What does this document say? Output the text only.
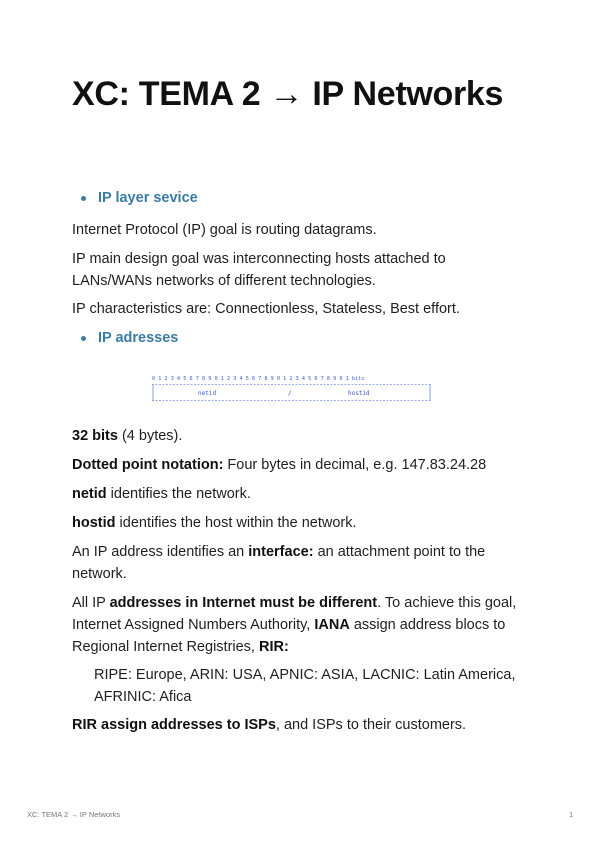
XC: TEMA 2 → IP Networks
IP layer sevice
Internet Protocol (IP) goal is routing datagrams.
IP main design goal was interconnecting hosts attached to LANs/WANs networks of different technologies.
IP characteristics are: Connectionless, Stateless, Best effort.
IP adresses
0 1 2 3 4 5 6 7 8 9 0 1 2 3 4 5 6 7 8 9 0 1 2 3 4 5 6 7 8 9 0 1 bits
netid	/	hostid
32 bits (4 bytes).
Dotted point notation: Four bytes in decimal, e.g. 147.83.24.28
netid identifies the network.
hostid identifies the host within the network.
An IP address identifies an interface: an attachment point to the network.
All IP addresses in Internet must be different. To achieve this goal, Internet Assigned Numbers Authority, IANA assign address blocs to Regional Internet Registries, RIR:
RIPE: Europe, ARIN: USA, APNIC: ASIA, LACNIC: Latin America, AFRINIC: Afica
RIR assign addresses to ISPs, and ISPs to their customers.
XC: TEMA 2 → IP Networks	1
